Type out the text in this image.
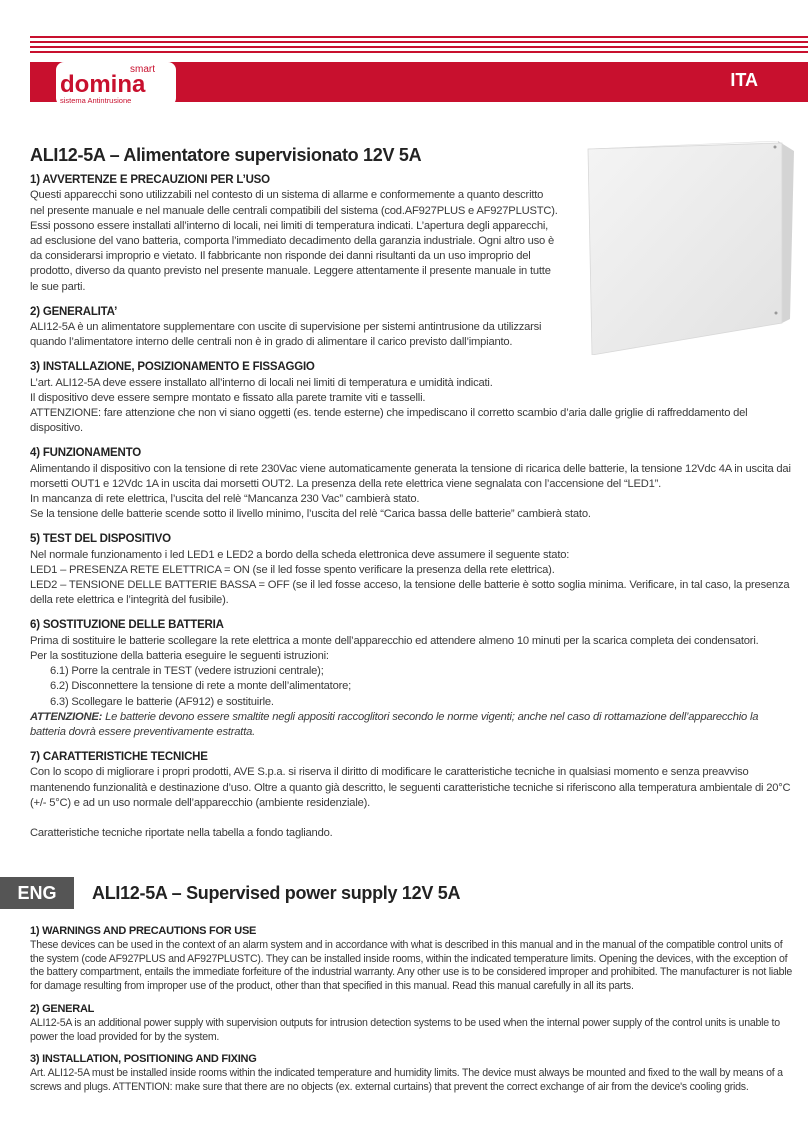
smart
domina
sistema Antintrusione
ITA
ALI12-5A – Alimentatore supervisionato 12V 5A
1) AVVERTENZE E PRECAUZIONI PER L’USO

Questi apparecchi sono utilizzabili nel contesto di un sistema di allarme e conformemente a quanto descritto nel presente manuale e nel manuale delle centrali compatibili del sistema (cod.AF927PLUS e AF927PLUSTC). Essi possono essere installati all’interno di locali, nei limiti di temperatura indicati. L’apertura degli apparecchi, ad esclusione del vano batteria, comporta l’immediato decadimento della garanzia industriale. Ogni altro uso è da considerarsi improprio e vietato. Il fabbricante non risponde dei danni risultanti da un uso improprio del prodotto, diverso da quanto previsto nel presente manuale. Leggere attentamente il presente manuale in tutte le sue parti.

2) GENERALITA’

ALI12-5A è un alimentatore supplementare con uscite di supervisione per sistemi antintrusione da utilizzarsi quando l’alimentatore interno delle centrali non è in grado di alimentare il carico previsto dall’impianto.

3) INSTALLAZIONE, POSIZIONAMENTO E FISSAGGIO

L’art. ALI12-5A deve essere installato all’interno di locali nei limiti di temperatura e umidità indicati.

Il dispositivo deve essere sempre montato e fissato alla parete tramite viti e tasselli.

ATTENZIONE: fare attenzione che non vi siano oggetti (es. tende esterne) che impediscano il corretto scambio d’aria dalle griglie di raffreddamento del dispositivo.

4) FUNZIONAMENTO

Alimentando il dispositivo con la tensione di rete 230Vac viene automaticamente generata la tensione di ricarica delle batterie, la tensione 12Vdc 4A in uscita dai morsetti OUT1 e 12Vdc 1A in uscita dai morsetti OUT2. La presenza della rete elettrica viene segnalata con l’accensione del “LED1”.

In mancanza di rete elettrica, l’uscita del relè “Mancanza 230 Vac” cambierà stato.

Se la tensione delle batterie scende sotto il livello minimo, l’uscita del relè “Carica bassa delle batterie” cambierà stato.

5) TEST DEL DISPOSITIVO

Nel normale funzionamento i led LED1 e LED2 a bordo della scheda elettronica deve assumere il seguente stato:

LED1 – PRESENZA RETE ELETTRICA = ON (se il led fosse spento verificare la presenza della rete elettrica).

LED2 – TENSIONE DELLE BATTERIE BASSA = OFF (se il led fosse acceso, la tensione delle batterie è sotto soglia minima. Verificare, in tal caso, la presenza della rete elettrica e l’integrità del fusibile).

6) SOSTITUZIONE DELLE BATTERIA

Prima di sostituire le batterie scollegare la rete elettrica a monte dell’apparecchio ed attendere almeno 10 minuti per la scarica completa dei condensatori.

Per la sostituzione della batteria eseguire le seguenti istruzioni:

6.1) Porre la centrale in TEST (vedere istruzioni centrale);

6.2) Disconnettere la tensione di rete a monte dell’alimentatore;

6.3) Scollegare le batterie (AF912) e sostituirle.

ATTENZIONE: Le batterie devono essere smaltite negli appositi raccoglitori secondo le norme vigenti; anche nel caso di rottamazione dell’apparecchio la batteria dovrà essere preventivamente estratta.

7) CARATTERISTICHE TECNICHE

Con lo scopo di migliorare i propri prodotti, AVE S.p.a. si riserva il diritto di modificare le caratteristiche tecniche in qualsiasi momento e senza preavviso mantenendo funzionalità e destinazione d’uso. Oltre a quanto già descritto, le seguenti caratteristiche tecniche si riferiscono alla temperatura ambientale di 20°C (+/- 5°C) e ad un uso normale dell’apparecchio (ambiente residenziale).

Caratteristiche tecniche riportate nella tabella a fondo tagliando.

ENG	ALI12-5A – Supervised power supply 12V 5A
1) WARNINGS AND PRECAUTIONS FOR USE

These devices can be used in the context of an alarm system and in accordance with what is described in this manual and in the manual of the compatible control units of the system (code AF927PLUS and AF927PLUSTC). They can be installed inside rooms, within the indicated temperature limits. Opening the devices, with the exception of the battery compartment, entails the immediate forfeiture of the industrial warranty. Any other use is to be considered improper and prohibited. The manufacturer is not liable for damage resulting from improper use of the product, other than that specified in this manual. Read this manual carefully in all its parts.

2) GENERAL

ALI12-5A is an additional power supply with supervision outputs for intrusion detection systems to be used when the internal power supply of the control units is unable to power the load provided for by the system.

3) INSTALLATION, POSITIONING AND FIXING

Art. ALI12-5A must be installed inside rooms within the indicated temperature and humidity limits. The device must always be mounted and fixed to the wall by means of a screws and plugs. ATTENTION: make sure that there are no objects (ex. external curtains) that prevent the correct exchange of air from the device's cooling grids.
